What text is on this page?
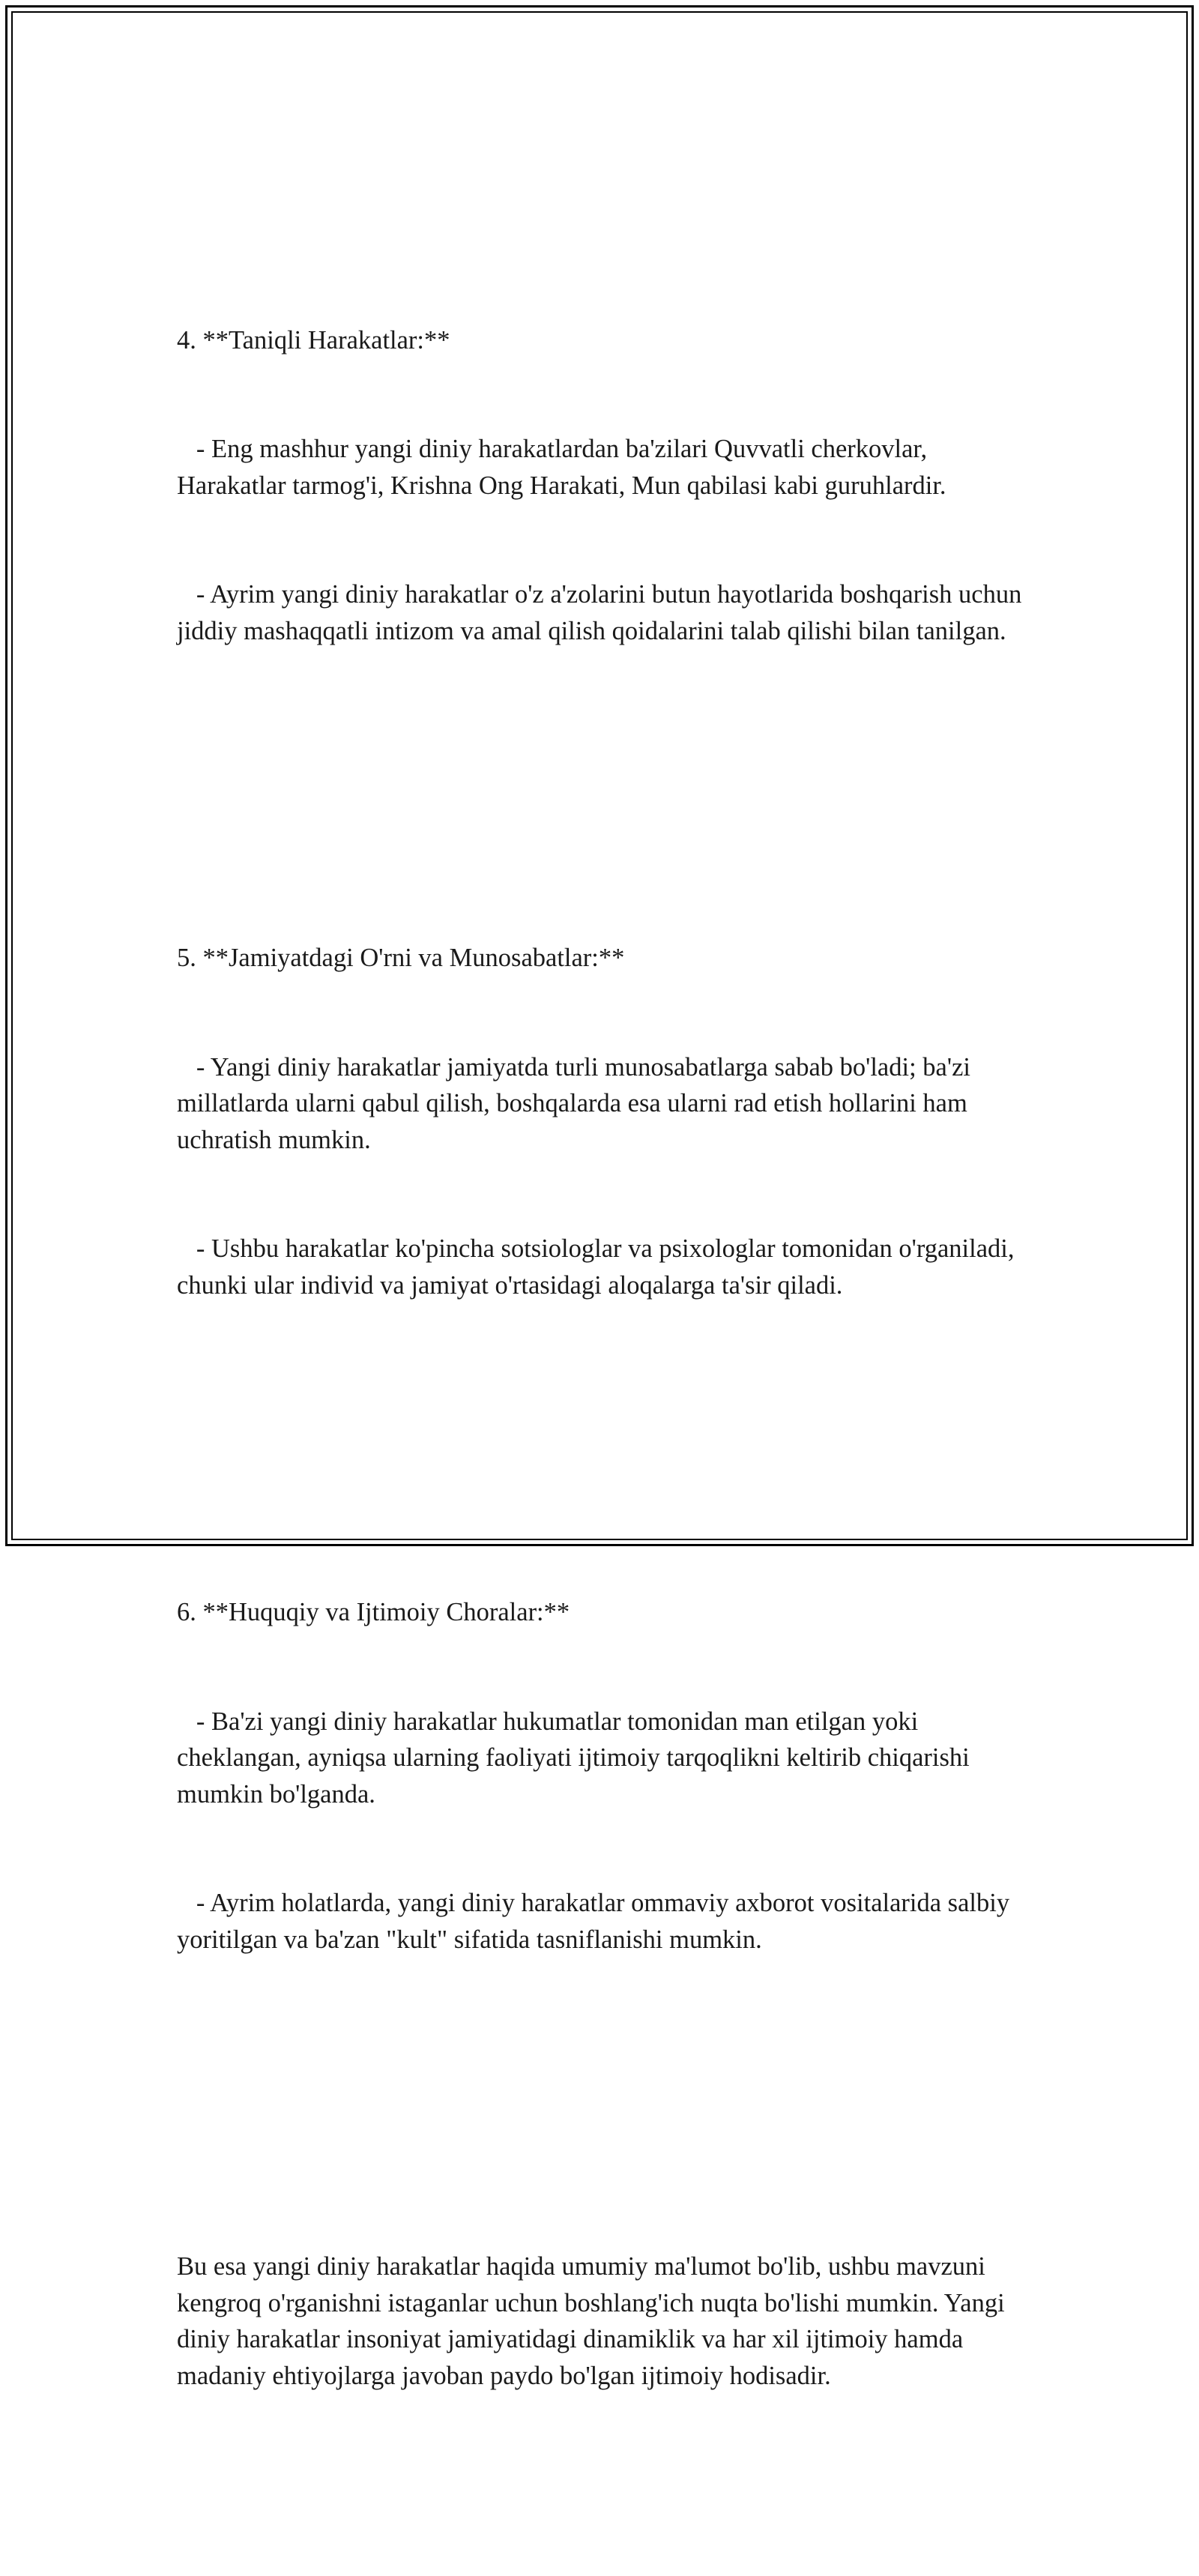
4. **Taniqli Harakatlar:**

- Eng mashhur yangi diniy harakatlardan ba'zilari Quvvatli cherkovlar, Harakatlar tarmog'i, Krishna Ong Harakati, Mun qabilasi kabi guruhlardir.

- Ayrim yangi diniy harakatlar o'z a'zolarini butun hayotlarida boshqarish uchun jiddiy mashaqqatli intizom va amal qilish qoidalarini talab qilishi bilan tanilgan.

5. **Jamiyatdagi O'rni va Munosabatlar:**

- Yangi diniy harakatlar jamiyatda turli munosabatlarga sabab bo'ladi; ba'zi millatlarda ularni qabul qilish, boshqalarda esa ularni rad etish hollarini ham uchratish mumkin.

- Ushbu harakatlar ko'pincha sotsiologlar va psixologlar tomonidan o'rganiladi, chunki ular individ va jamiyat o'rtasidagi aloqalarga ta'sir qiladi.

6. **Huquqiy va Ijtimoiy Choralar:**

- Ba'zi yangi diniy harakatlar hukumatlar tomonidan man etilgan yoki cheklangan, ayniqsa ularning faoliyati ijtimoiy tarqoqlikni keltirib chiqarishi mumkin bo'lganda.

- Ayrim holatlarda, yangi diniy harakatlar ommaviy axborot vositalarida salbiy yoritilgan va ba'zan "kult" sifatida tasniflanishi mumkin.

Bu esa yangi diniy harakatlar haqida umumiy ma'lumot bo'lib, ushbu mavzuni kengroq o'rganishni istaganlar uchun boshlang'ich nuqta bo'lishi mumkin. Yangi diniy harakatlar insoniyat jamiyatidagi dinamiklik va har xil ijtimoiy hamda madaniy ehtiyojlarga javoban paydo bo'lgan ijtimoiy hodisadir.
